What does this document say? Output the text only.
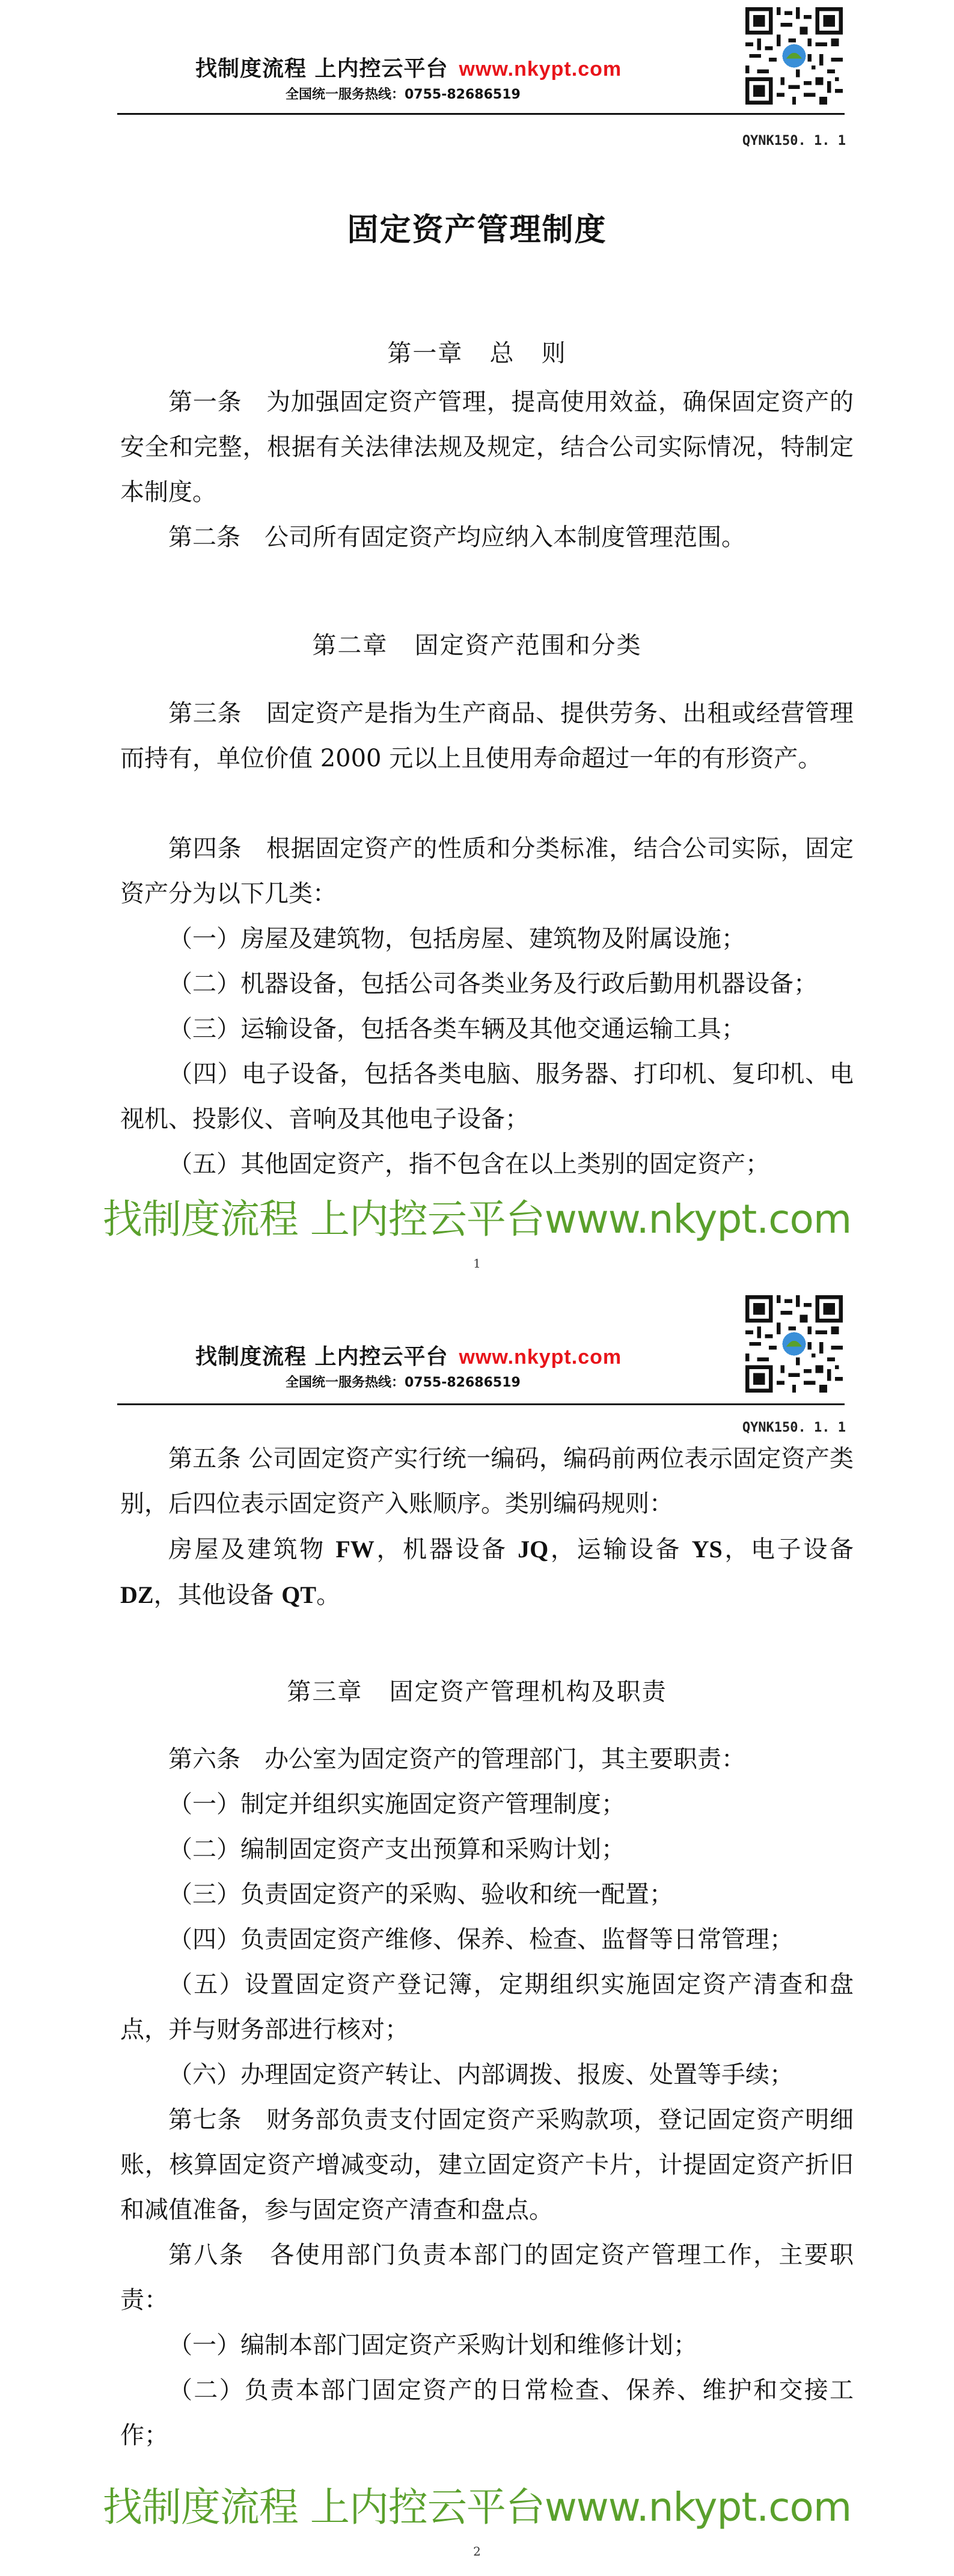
找制度流程 上内控云平台 www.nkypt.com
全国统一服务热线：0755-82686519
QYNK150. 1. 1
固定资产管理制度
第一章   总   则
第一条　为加强固定资产管理，提高使用效益，确保固定资产的安全和完整，根据有关法律法规及规定，结合公司实际情况，特制定本制度。
第二条　公司所有固定资产均应纳入本制度管理范围。
第二章   固定资产范围和分类
第三条　固定资产是指为生产商品、提供劳务、出租或经营管理而持有，单位价值 2000 元以上且使用寿命超过一年的有形资产。
第四条　根据固定资产的性质和分类标准，结合公司实际，固定资产分为以下几类：
（一）房屋及建筑物，包括房屋、建筑物及附属设施；
（二）机器设备，包括公司各类业务及行政后勤用机器设备；
（三）运输设备，包括各类车辆及其他交通运输工具；
（四）电子设备，包括各类电脑、服务器、打印机、复印机、电视机、投影仪、音响及其他电子设备；
（五）其他固定资产，指不包含在以上类别的固定资产；
找制度流程 上内控云平台www.nkypt.com
1
找制度流程 上内控云平台 www.nkypt.com
全国统一服务热线：0755-82686519
QYNK150. 1. 1
第五条 公司固定资产实行统一编码，编码前两位表示固定资产类别，后四位表示固定资产入账顺序。类别编码规则：
房屋及建筑物 FW，机器设备 JQ，运输设备 YS，电子设备DZ，其他设备 QT。
第三章   固定资产管理机构及职责
第六条　办公室为固定资产的管理部门，其主要职责：
（一）制定并组织实施固定资产管理制度；
（二）编制固定资产支出预算和采购计划；
（三）负责固定资产的采购、验收和统一配置；
（四）负责固定资产维修、保养、检查、监督等日常管理；
（五）设置固定资产登记簿，定期组织实施固定资产清查和盘点，并与财务部进行核对；
（六）办理固定资产转让、内部调拨、报废、处置等手续；
第七条　财务部负责支付固定资产采购款项，登记固定资产明细账，核算固定资产增减变动，建立固定资产卡片，计提固定资产折旧和减值准备，参与固定资产清查和盘点。
第八条　各使用部门负责本部门的固定资产管理工作，主要职责：
（一）编制本部门固定资产采购计划和维修计划；
（二）负责本部门固定资产的日常检查、保养、维护和交接工作；
找制度流程 上内控云平台www.nkypt.com
2
